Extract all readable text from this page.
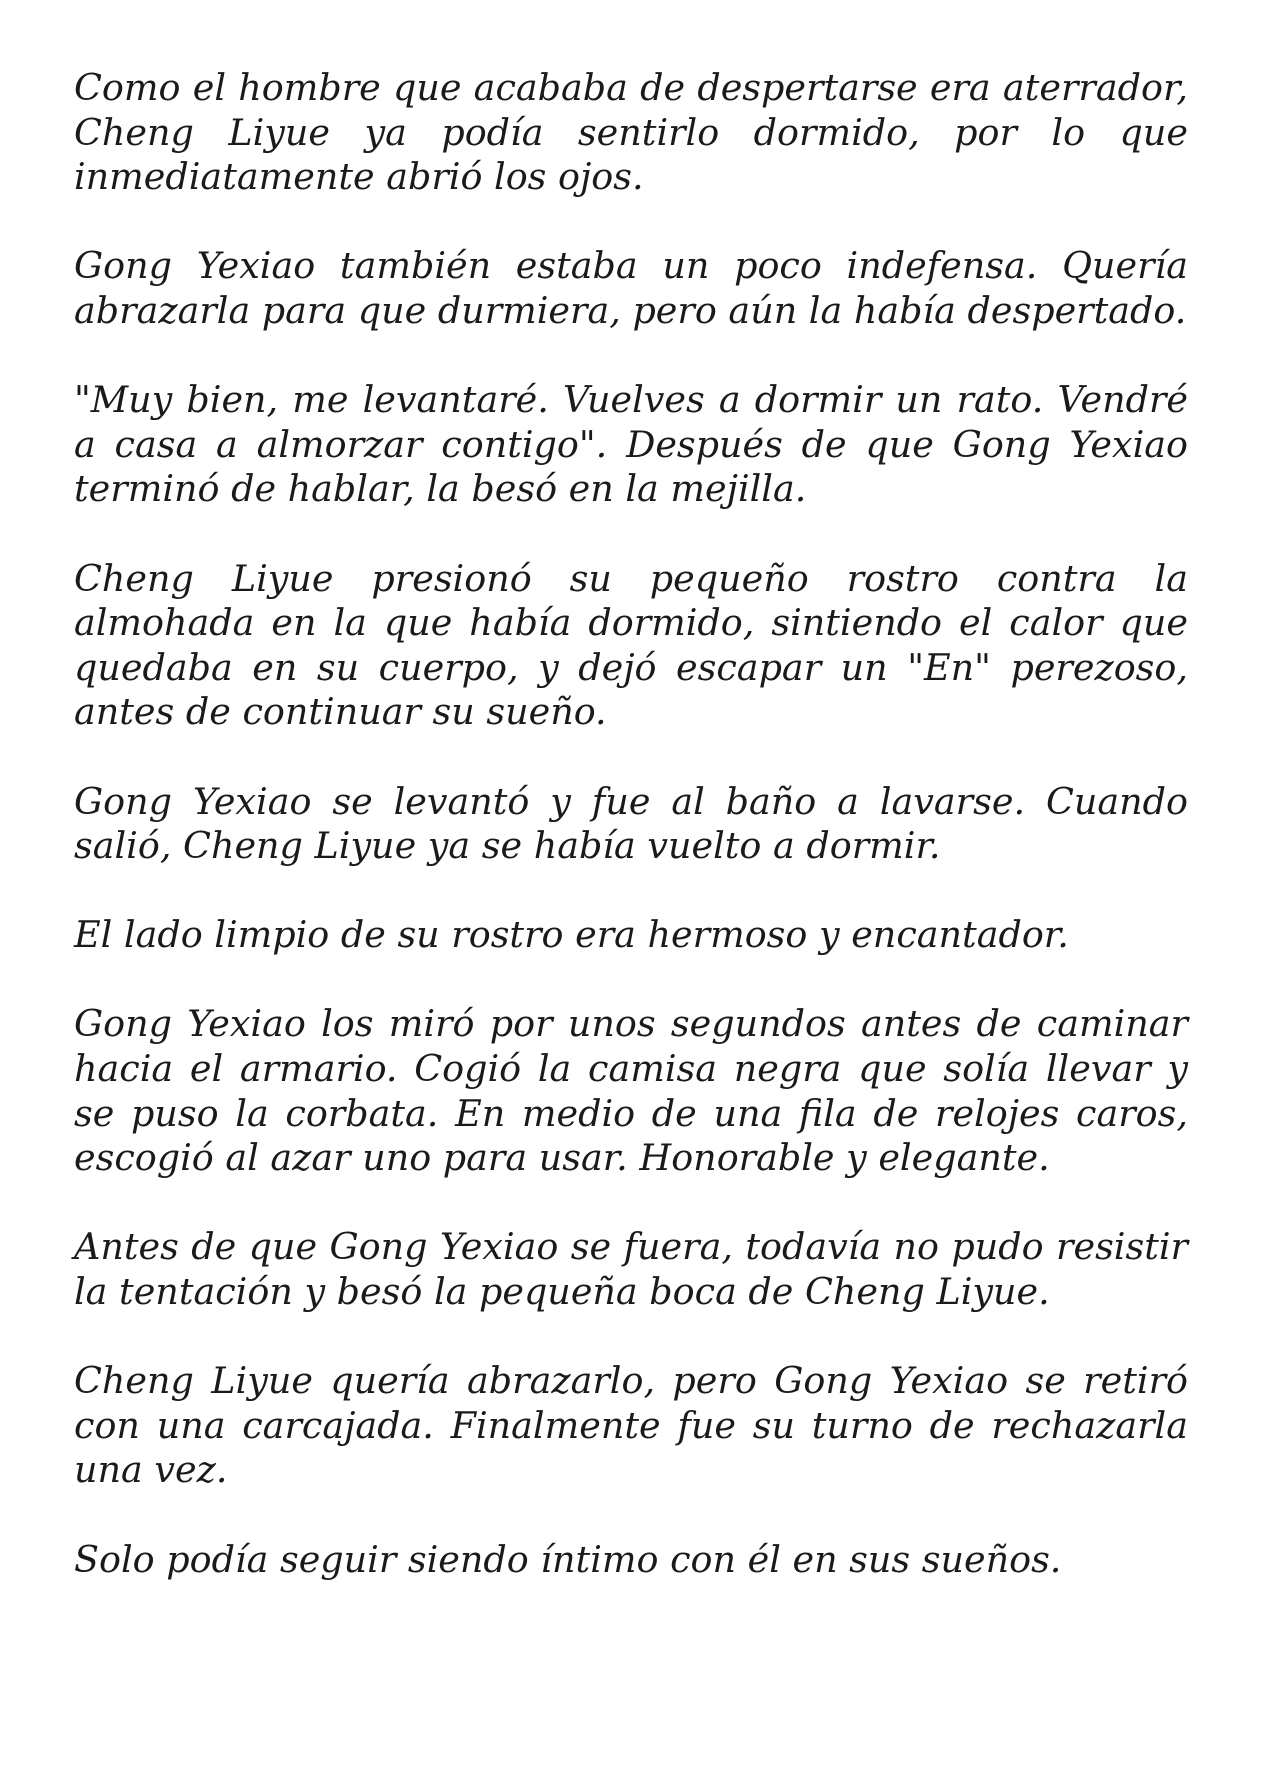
Como el hombre que acababa de despertarse era aterrador, Cheng Liyue ya podía sentirlo dormido, por lo que inmediatamente abrió los ojos.

Gong Yexiao también estaba un poco indefensa. Quería abrazarla para que durmiera, pero aún la había despertado.

"Muy bien, me levantaré. Vuelves a dormir un rato. Vendré a casa a almorzar contigo". Después de que Gong Yexiao terminó de hablar, la besó en la mejilla.

Cheng Liyue presionó su pequeño rostro contra la almohada en la que había dormido, sintiendo el calor que quedaba en su cuerpo, y dejó escapar un "En" perezoso, antes de continuar su sueño.

Gong Yexiao se levantó y fue al baño a lavarse. Cuando salió, Cheng Liyue ya se había vuelto a dormir.

El lado limpio de su rostro era hermoso y encantador.

Gong Yexiao los miró por unos segundos antes de caminar hacia el armario. Cogió la camisa negra que solía llevar y se puso la corbata. En medio de una fila de relojes caros, escogió al azar uno para usar. Honorable y elegante.

Antes de que Gong Yexiao se fuera, todavía no pudo resistir la tentación y besó la pequeña boca de Cheng Liyue.

Cheng Liyue quería abrazarlo, pero Gong Yexiao se retiró con una carcajada. Finalmente fue su turno de rechazarla una vez.

Solo podía seguir siendo íntimo con él en sus sueños.
